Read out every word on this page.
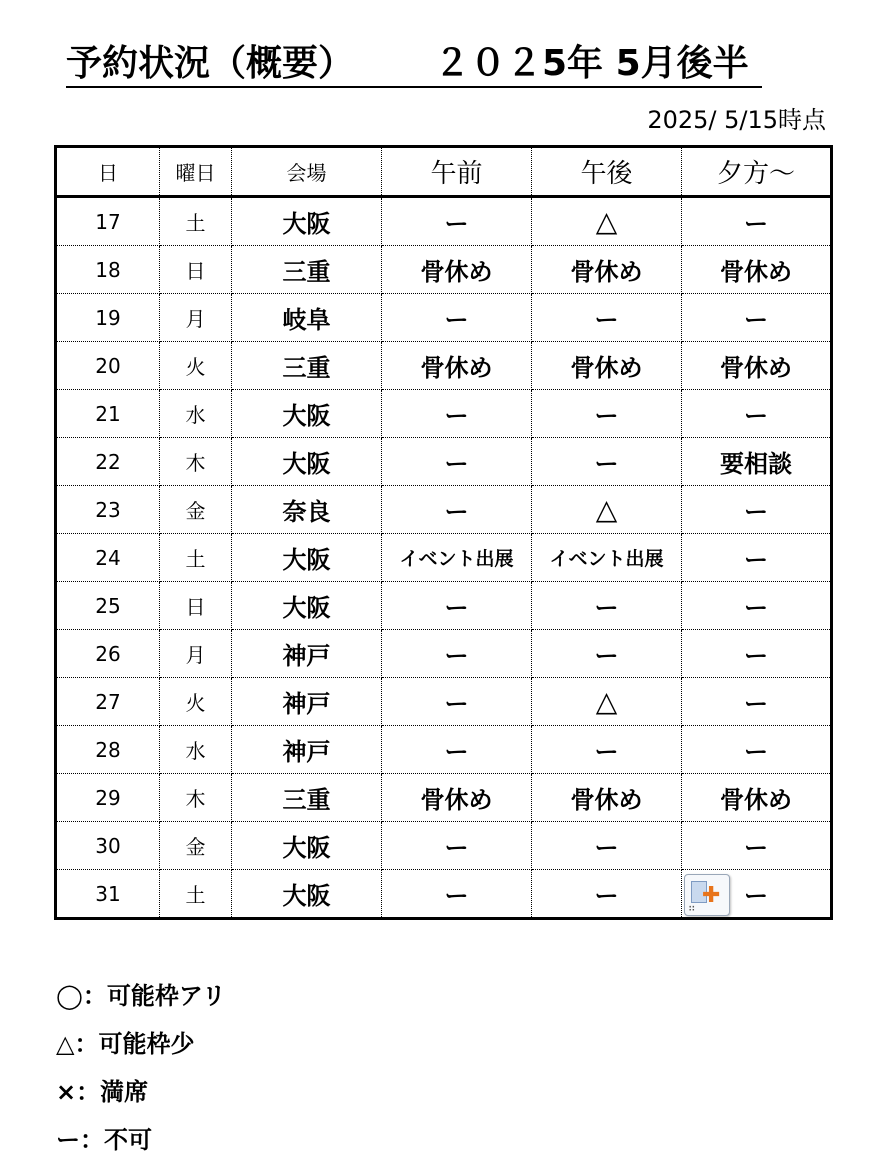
予約状況（概要） ２０２5年 5月後半
2025/ 5/15時点
日	曜日	会場	午前	午後	夕方～
17	土	大阪	ー	△	ー
18	日	三重	骨休め	骨休め	骨休め
19	月	岐阜	ー	ー	ー
20	火	三重	骨休め	骨休め	骨休め
21	水	大阪	ー	ー	ー
22	木	大阪	ー	ー	要相談
23	金	奈良	ー	△	ー
24	土	大阪	イベント出展	イベント出展	ー
25	日	大阪	ー	ー	ー
26	月	神戸	ー	ー	ー
27	火	神戸	ー	△	ー
28	水	神戸	ー	ー	ー
29	木	三重	骨休め	骨休め	骨休め
30	金	大阪	ー	ー	ー
31	土	大阪	ー	ー	ー
✚
∷
◯：可能枠アリ
△：可能枠少
×：満席
ー：不可
